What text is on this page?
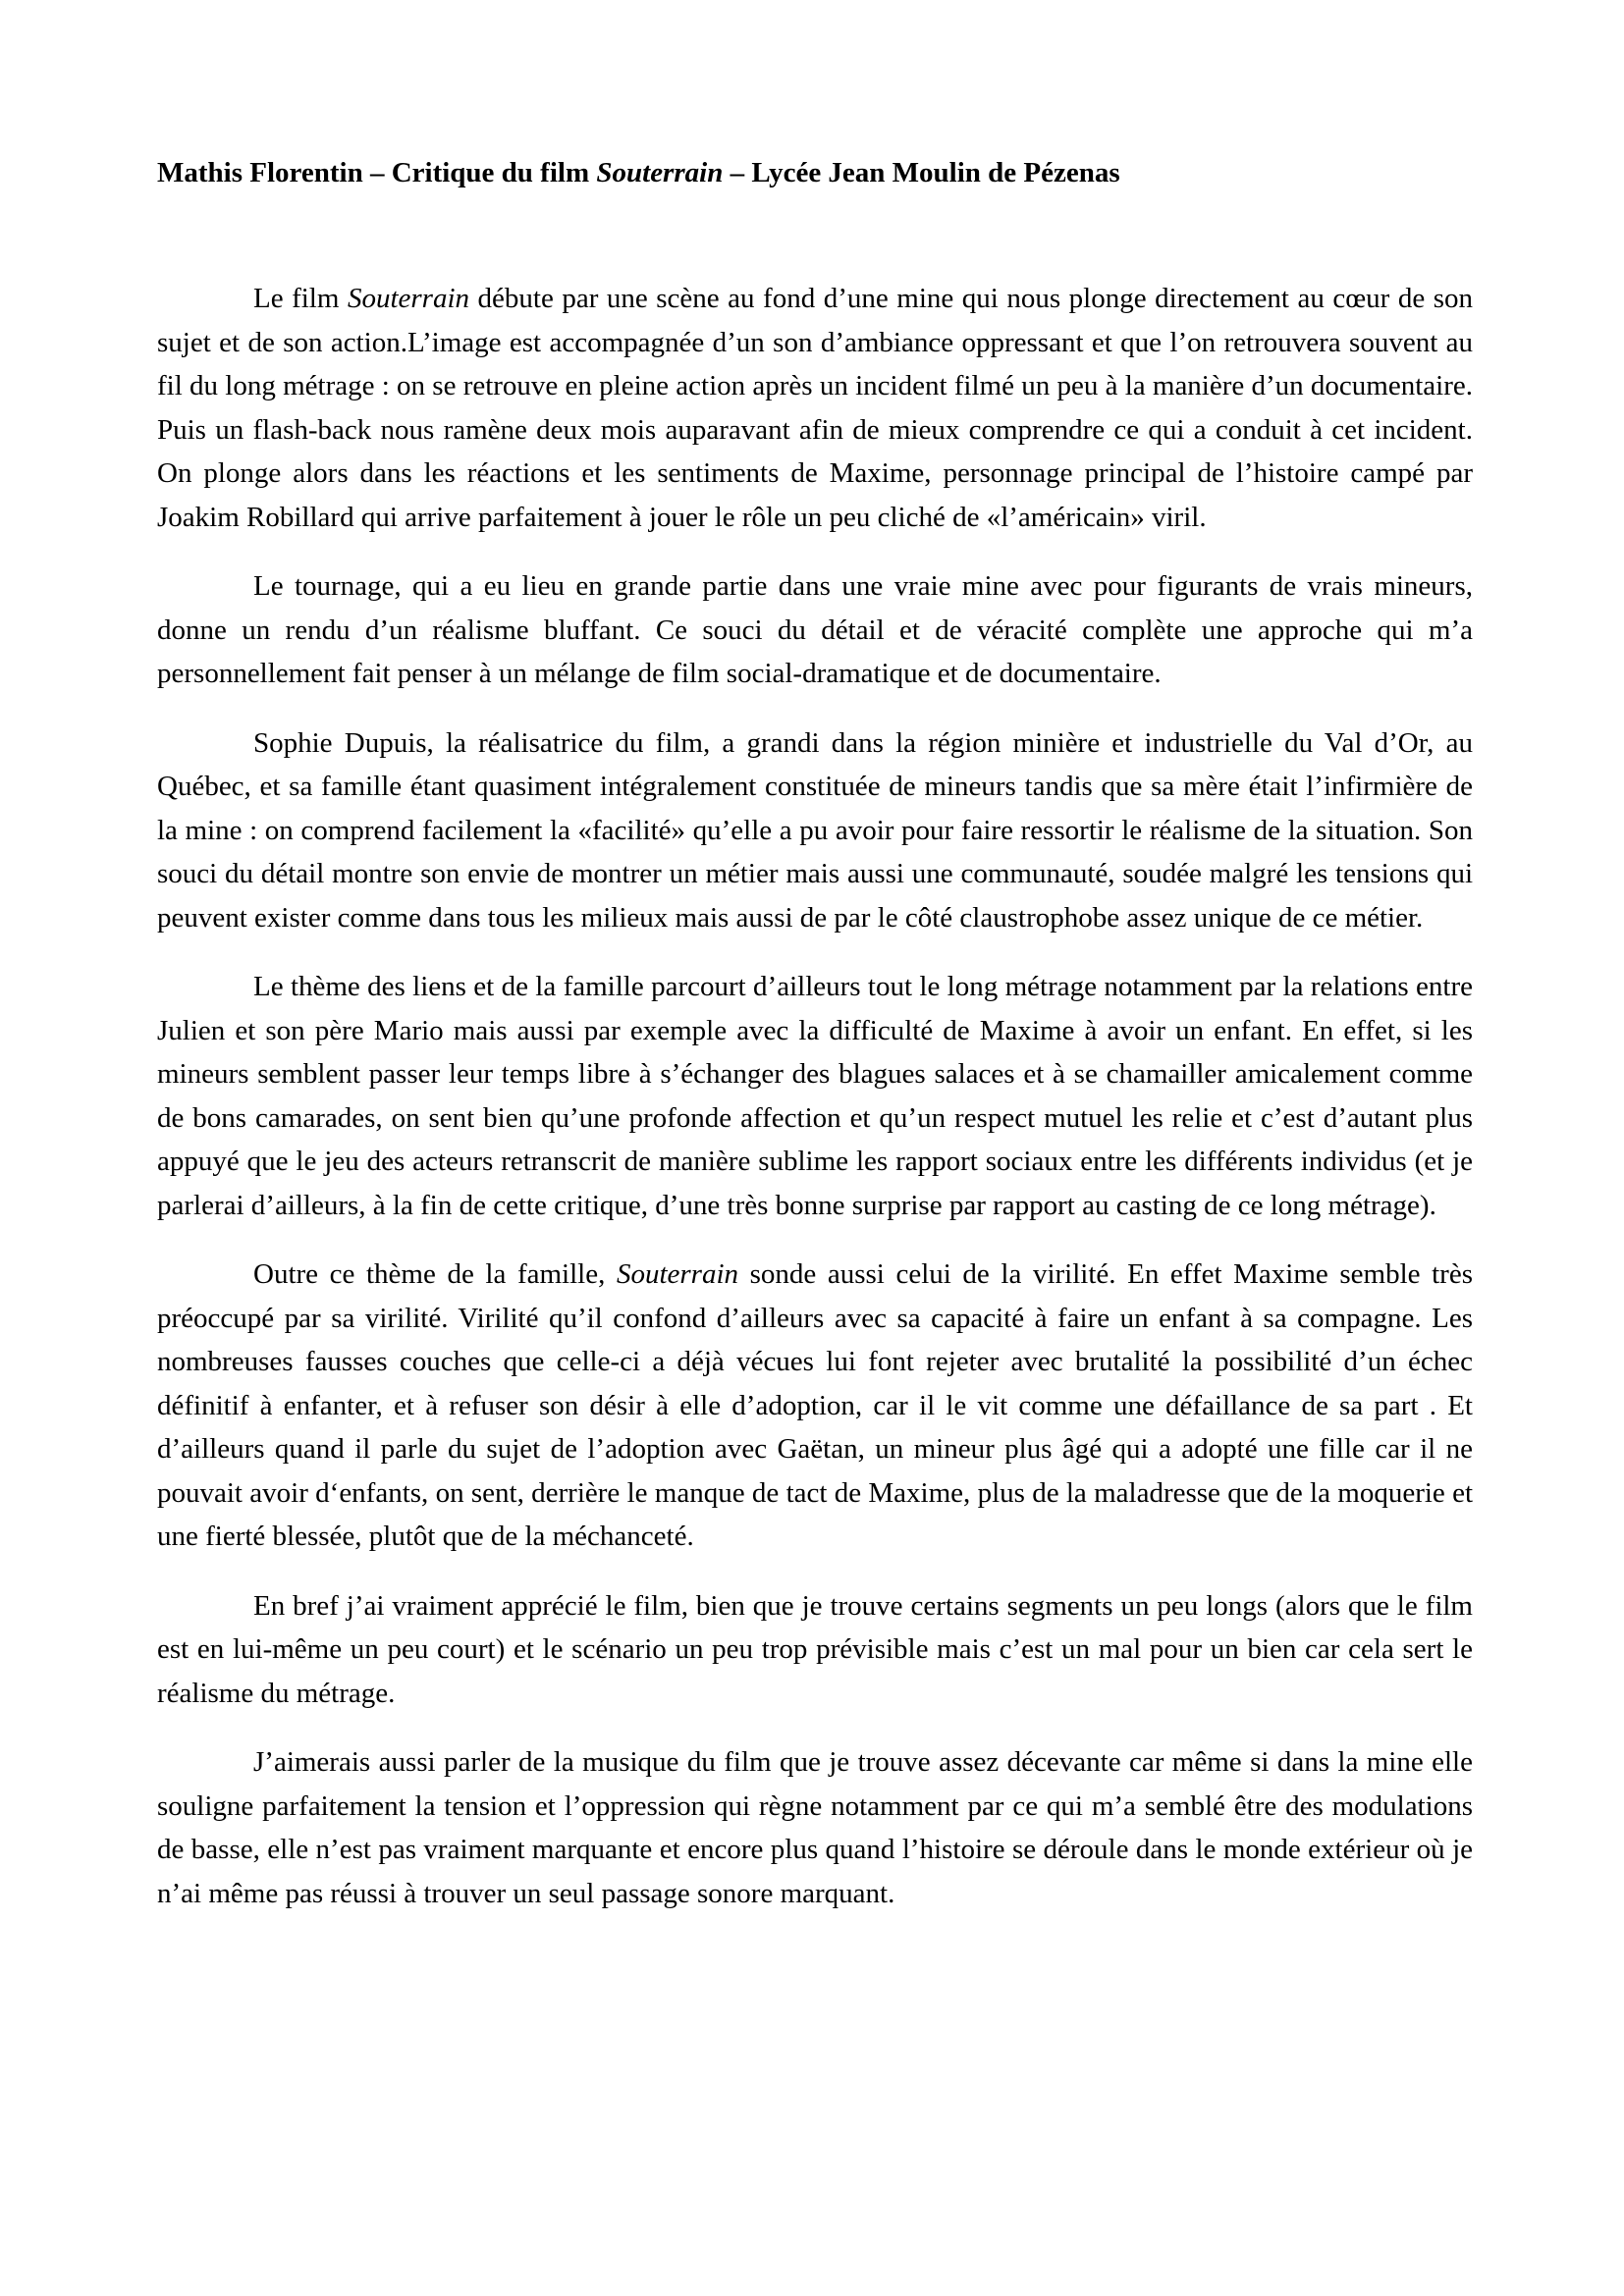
Mathis Florentin – Critique du film Souterrain – Lycée Jean Moulin de Pézenas

Le film Souterrain débute par une scène au fond d’une mine qui nous plonge directement au cœur de son sujet et de son action.L’image est accompagnée d’un son d’ambiance oppressant et que l’on retrouvera souvent au fil du long métrage : on se retrouve en pleine action après un incident filmé un peu à la manière d’un documentaire. Puis un flash-back nous ramène deux mois auparavant afin de mieux comprendre ce qui a conduit à cet incident. On plonge alors dans les réactions et les sentiments de Maxime, personnage principal de l’histoire campé par Joakim Robillard qui arrive parfaitement à jouer le rôle un peu cliché de «l’américain» viril.

Le tournage, qui a eu lieu en grande partie dans une vraie mine avec pour figurants de vrais mineurs, donne un rendu d’un réalisme bluffant. Ce souci du détail et de véracité complète une approche qui m’a personnellement fait penser à un mélange de film social-dramatique et de documentaire.

Sophie Dupuis, la réalisatrice du film, a grandi dans la région minière et industrielle du Val d’Or, au Québec, et sa famille étant quasiment intégralement constituée de mineurs tandis que sa mère était l’infirmière de la mine : on comprend facilement la «facilité» qu’elle a pu avoir pour faire ressortir le réalisme de la situation. Son souci du détail montre son envie de montrer un métier mais aussi une communauté, soudée malgré les tensions qui peuvent exister comme dans tous les milieux mais aussi de par le côté claustrophobe assez unique de ce métier.

Le thème des liens et de la famille parcourt d’ailleurs tout le long métrage notamment par la relations entre Julien et son père Mario mais aussi par exemple avec la difficulté de Maxime à avoir un enfant. En effet, si les mineurs semblent passer leur temps libre à s’échanger des blagues salaces et à se chamailler amicalement comme de bons camarades, on sent bien qu’une profonde affection et qu’un respect mutuel les relie et c’est d’autant plus appuyé que le jeu des acteurs retranscrit de manière sublime les rapport sociaux entre les différents individus (et je parlerai d’ailleurs, à la fin de cette critique, d’une très bonne surprise par rapport au casting de ce long métrage).

Outre ce thème de la famille, Souterrain sonde aussi celui de la virilité. En effet Maxime semble très préoccupé par sa virilité. Virilité qu’il confond d’ailleurs avec sa capacité à faire un enfant à sa compagne. Les nombreuses fausses couches que celle-ci a déjà vécues lui font rejeter avec brutalité la possibilité d’un échec définitif à enfanter, et à refuser son désir à elle d’adoption, car il le vit comme une défaillance de sa part . Et d’ailleurs quand il parle du sujet de l’adoption avec Gaëtan, un mineur plus âgé qui a adopté une fille car il ne pouvait avoir d‘enfants, on sent, derrière le manque de tact de Maxime, plus de la maladresse que de la moquerie et une fierté blessée, plutôt que de la méchanceté.

En bref j’ai vraiment apprécié le film, bien que je trouve certains segments un peu longs (alors que le film est en lui-même un peu court) et le scénario un peu trop prévisible mais c’est un mal pour un bien car cela sert le réalisme du métrage.

J’aimerais aussi parler de la musique du film que je trouve assez décevante car même si dans la mine elle souligne parfaitement la tension et l’oppression qui règne notamment par ce qui m’a semblé être des modulations de basse, elle n’est pas vraiment marquante et encore plus quand l’histoire se déroule dans le monde extérieur où je n’ai même pas réussi à trouver un seul passage sonore marquant.
